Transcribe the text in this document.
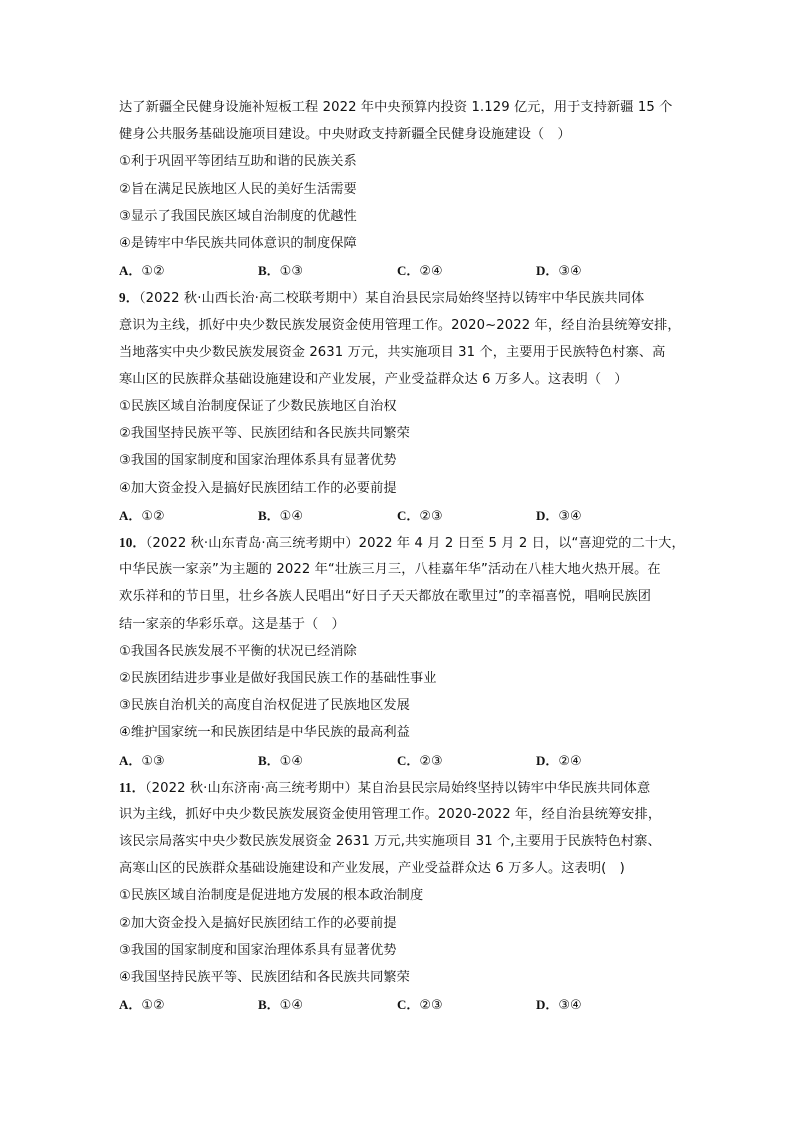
达了新疆全民健身设施补短板工程 2022 年中央预算内投资 1.129 亿元，用于支持新疆 15 个
健身公共服务基础设施项目建设。中央财政支持新疆全民健身设施建设（　）
①利于巩固平等团结互助和谐的民族关系
②旨在满足民族地区人民的美好生活需要
③显示了我国民族区域自治制度的优越性
④是铸牢中华民族共同体意识的制度保障
A．①②	B．①③	C．②④	D．③④
9．（2022 秋·山西长治·高二校联考期中）某自治县民宗局始终坚持以铸牢中华民族共同体
意识为主线，抓好中央少数民族发展资金使用管理工作。2020~2022 年，经自治县统筹安排，
当地落实中央少数民族发展资金 2631 万元，共实施项目 31 个，主要用于民族特色村寨、高
寒山区的民族群众基础设施建设和产业发展，产业受益群众达 6 万多人。这表明（　）
①民族区域自治制度保证了少数民族地区自治权
②我国坚持民族平等、民族团结和各民族共同繁荣
③我国的国家制度和国家治理体系具有显著优势
④加大资金投入是搞好民族团结工作的必要前提
A．①②	B．①④	C．②③	D．③④
10．（2022 秋·山东青岛·高三统考期中）2022 年 4 月 2 日至 5 月 2 日，以“喜迎党的二十大，
中华民族一家亲”为主题的 2022 年“壮族三月三，八桂嘉年华”活动在八桂大地火热开展。在
欢乐祥和的节日里，壮乡各族人民唱出“好日子天天都放在歌里过”的幸福喜悦，唱响民族团
结一家亲的华彩乐章。这是基于（　）
①我国各民族发展不平衡的状况已经消除
②民族团结进步事业是做好我国民族工作的基础性事业
③民族自治机关的高度自治权促进了民族地区发展
④维护国家统一和民族团结是中华民族的最高利益
A．①③	B．①④	C．②③	D．②④
11．（2022 秋·山东济南·高三统考期中）某自治县民宗局始终坚持以铸牢中华民族共同体意
识为主线，抓好中央少数民族发展资金使用管理工作。2020-2022 年，经自治县统筹安排，
该民宗局落实中央少数民族发展资金 2631 万元,共实施项目 31 个,主要用于民族特色村寨、
高寒山区的民族群众基础设施建设和产业发展，产业受益群众达 6 万多人。这表明(　)
①民族区域自治制度是促进地方发展的根本政治制度
②加大资金投入是搞好民族团结工作的必要前提
③我国的国家制度和国家治理体系具有显著优势
④我国坚持民族平等、民族团结和各民族共同繁荣
A．①②	B．①④	C．②③	D．③④
